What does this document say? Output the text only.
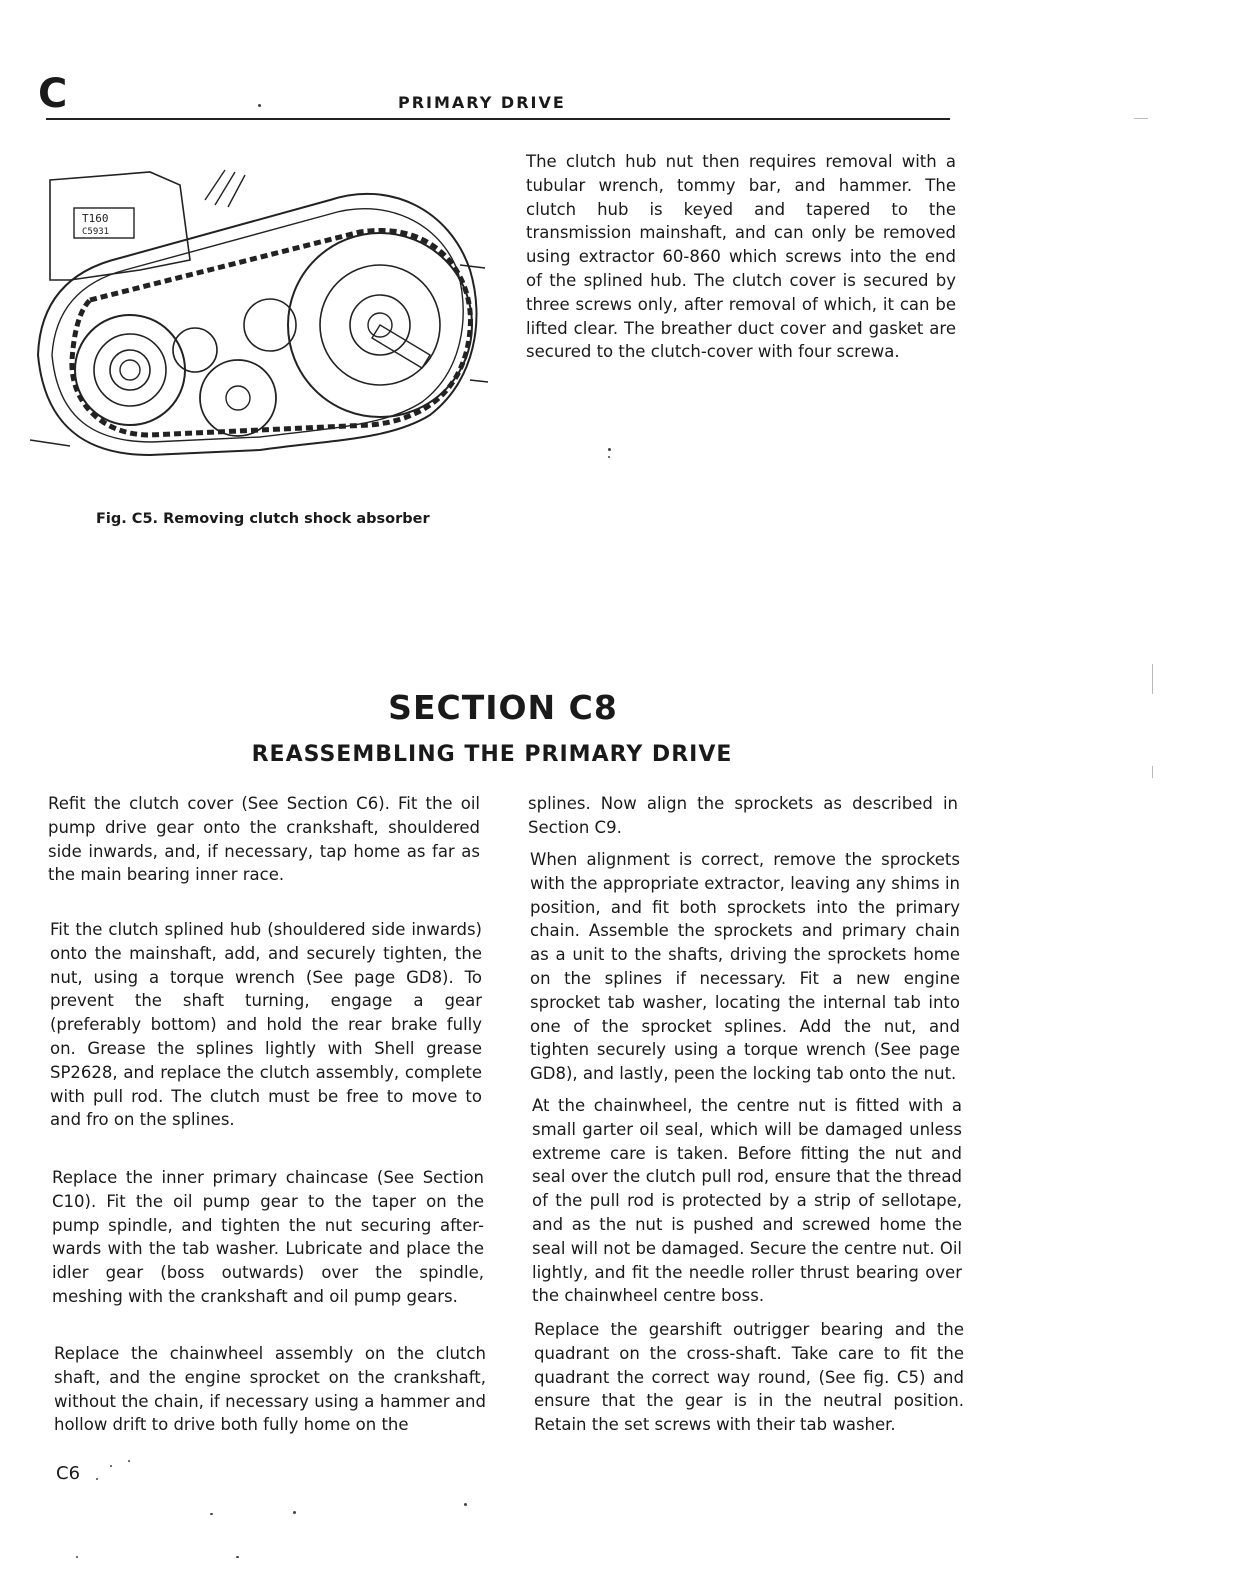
C	PRIMARY DRIVE
T160
C5931
Fig. C5. Removing clutch shock absorber

The clutch hub nut then requires removal with a tubular wrench, tommy bar, and hammer. The clutch hub is keyed and tapered to the transmission mainshaft, and can only be removed using extractor 60-860 which screws into the end of the splined hub. The clutch cover is secured by three screws only, after removal of which, it can be lifted clear. The breather duct cover and gasket are secured to the clutch-cover with four screwa.

SECTION C8
REASSEMBLING THE PRIMARY DRIVE

Refit the clutch cover (See Section C6). Fit the oil pump drive gear onto the crankshaft, shouldered side inwards, and, if necessary, tap home as far as the main bearing inner race.

Fit the clutch splined hub (shouldered side inwards) onto the mainshaft, add, and securely tighten, the nut, using a torque wrench (See page GD8). To prevent the shaft turning, engage a gear (preferably bottom) and hold the rear brake fully on. Grease the splines lightly with Shell grease SP2628, and replace the clutch assembly, complete with pull rod. The clutch must be free to move to and fro on the splines.

Replace the inner primary chaincase (See Section C10). Fit the oil pump gear to the taper on the pump spindle, and tighten the nut securing after-wards with the tab washer. Lubricate and place the idler gear (boss outwards) over the spindle, meshing with the crankshaft and oil pump gears.

Replace the chainwheel assembly on the clutch shaft, and the engine sprocket on the crankshaft, without the chain, if necessary using a hammer and hollow drift to drive both fully home on the

splines. Now align the sprockets as described in Section C9.

When alignment is correct, remove the sprockets with the appropriate extractor, leaving any shims in position, and fit both sprockets into the primary chain. Assemble the sprockets and primary chain as a unit to the shafts, driving the sprockets home on the splines if necessary. Fit a new engine sprocket tab washer, locating the internal tab into one of the sprocket splines. Add the nut, and tighten securely using a torque wrench (See page GD8), and lastly, peen the locking tab onto the nut.

At the chainwheel, the centre nut is fitted with a small garter oil seal, which will be damaged unless extreme care is taken. Before fitting the nut and seal over the clutch pull rod, ensure that the thread of the pull rod is protected by a strip of sellotape, and as the nut is pushed and screwed home the seal will not be damaged. Secure the centre nut. Oil lightly, and fit the needle roller thrust bearing over the chainwheel centre boss.

Replace the gearshift outrigger bearing and the quadrant on the cross-shaft. Take care to fit the quadrant the correct way round, (See fig. C5) and ensure that the gear is in the neutral position. Retain the set screws with their tab washer.

C6
